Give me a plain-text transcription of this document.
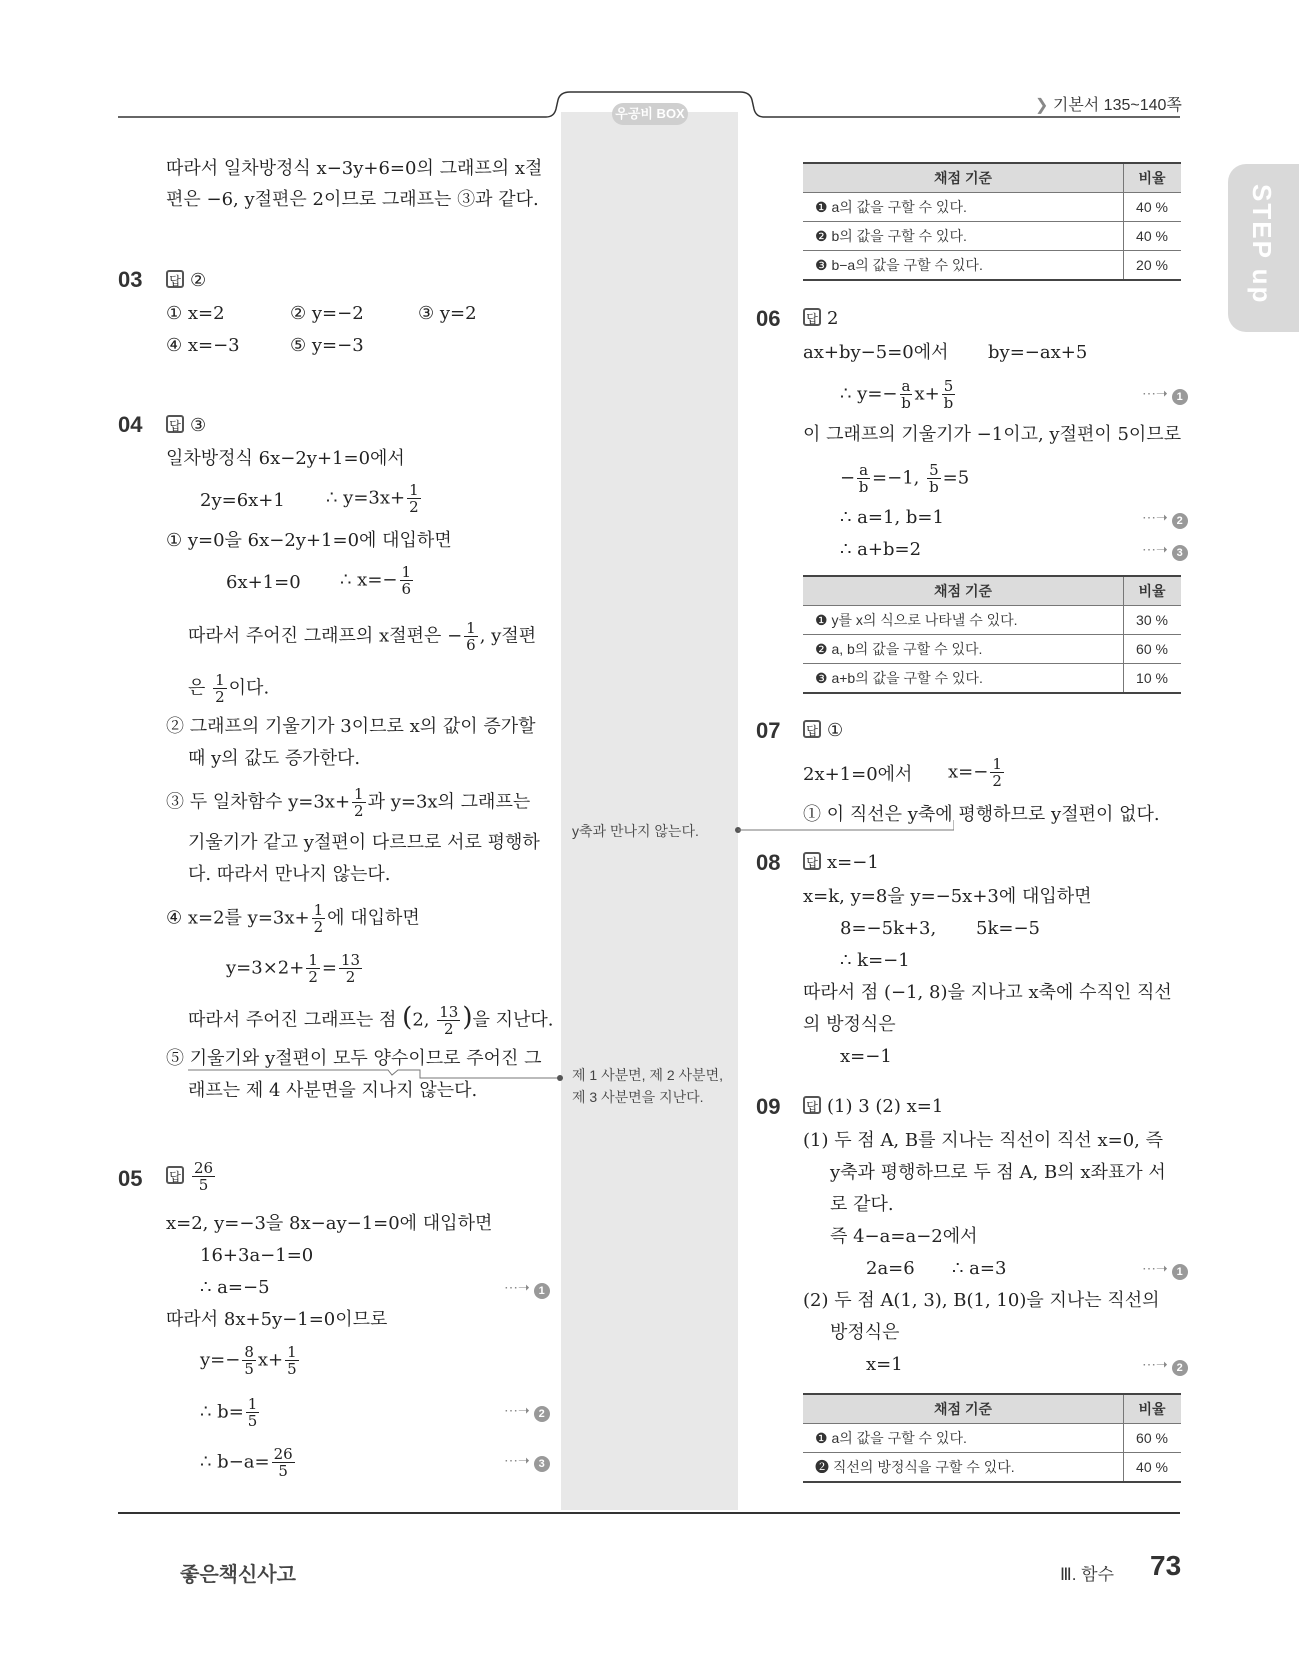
우공비 BOX	❯ 기본서 135~140쪽
STEP up
따라서 일차방정식 x−3y+6=0의 그래프의 x절
편은 −6, y절편은 2이므로 그래프는 ③과 같다.
03 답 ②
① x=2	② y=−2	③ y=2
④ x=−3	⑤ y=−3
04 답 ③
일차방정식 6x−2y+1=0에서
2y=6x+1 ∴ $y=3x+ \frac{1}{2}$
① y=0을 6x−2y+1=0에 대입하면
6x+1=0 ∴ $x=- \frac{1}{6}$
따라서 주어진 그래프의 x절편은 − $\frac{1}{6}$ , y절편
은 $\frac{1}{2}$ 이다.
② 그래프의 기울기가 3이므로 x의 값이 증가할
때 y의 값도 증가한다.
③ 두 일차함수 $y=3x+ \frac{1}{2}$ 과 y=3x의 그래프는
기울기가 같고 y절편이 다르므로 서로 평행하
다. 따라서 만나지 않는다.
④ x=2를 $y=3x+ \frac{1}{2}$ 에 대입하면
$y=3\times 2+ \frac{1}{2} = \frac{13}{2}$
따라서 주어진 그래프는 점 (2, $\frac{13}{2}$ )을 지난다.
⑤ 기울기와 y절편이 모두 양수이므로 주어진 그
래프는 제 4 사분면을 지나지 않는다.
05 답 $\frac{26}{5}$
x=2, y=−3을 8x−ay−1=0에 대입하면
16+3a−1=0
∴ a=−5	⋯➝ 1
따라서 8x+5y−1=0이므로
$y=- \frac{8}{5} x+ \frac{1}{5}$
∴ $b= \frac{1}{5}$	⋯➝ 2
∴ $b-a= \frac{26}{5}$	⋯➝ 3
y축과 만나지 않는다.
제 1 사분면, 제 2 사분면,
제 3 사분면을 지난다.
채점 기준	비율
❶ a의 값을 구할 수 있다.	40 %
❷ b의 값을 구할 수 있다.	40 %
❸ b−a의 값을 구할 수 있다.	20 %
06 답 2
ax+by−5=0에서 by=−ax+5
∴ $y=- \frac{a}{b} x+ \frac{5}{b}$	⋯➝ 1
이 그래프의 기울기가 −1이고, y절편이 5이므로
− $\frac{a}{b} =-1$, $\frac{5}{b} =5$
∴ a=1, b=1	⋯➝ 2
∴ a+b=2	⋯➝ 3
채점 기준	비율
❶ y를 x의 식으로 나타낼 수 있다.	30 %
❷ a, b의 값을 구할 수 있다.	60 %
❸ a+b의 값을 구할 수 있다.	10 %
07 답 ①
2x+1=0에서 $x=- \frac{1}{2}$
① 이 직선은 y축에 평행하므로 y절편이 없다.
08 답 x=−1
x=k, y=8을 y=−5x+3에 대입하면
8=−5k+3, 5k=−5
∴ k=−1
따라서 점 (−1, 8)을 지나고 x축에 수직인 직선
의 방정식은
x=−1
09 답 (1) 3 (2) x=1
(1) 두 점 A, B를 지나는 직선이 직선 x=0, 즉
y축과 평행하므로 두 점 A, B의 x좌표가 서
로 같다.
즉 4−a=a−2에서
2a=6 ∴ a=3	⋯➝ 1
(2) 두 점 A(1, 3), B(1, 10)을 지나는 직선의
방정식은
x=1	⋯➝ 2
채점 기준	비율
❶ a의 값을 구할 수 있다.	60 %
❷ 직선의 방정식을 구할 수 있다.	40 %
좋은책신사고	Ⅲ. 함수 73
